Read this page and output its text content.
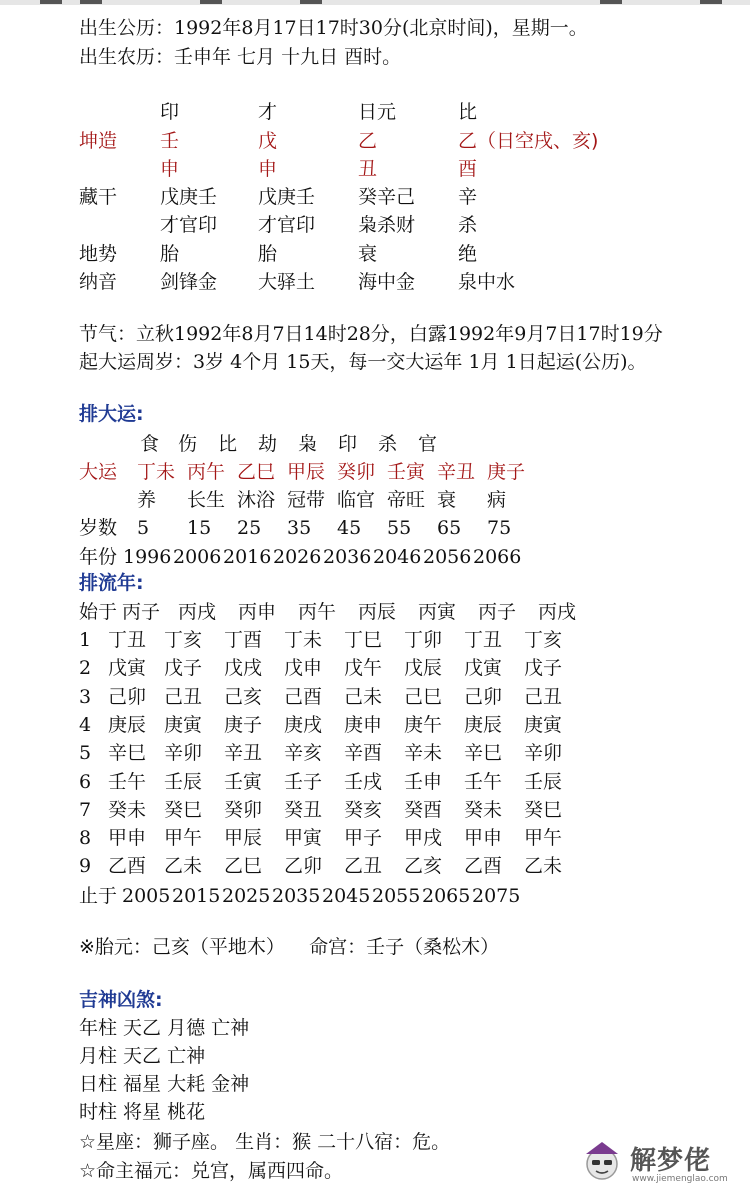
出生公历：1992年8月17日17时30分(北京时间)，星期一。
出生农历：壬申年 七月 十九日 酉时。
印	才	日元	比
坤造 壬	戊	乙	乙（日空戌、亥)
申	申	丑	酉
藏干 戊庚壬 戊庚壬 癸辛己 辛
才官印 才官印 枭杀财 杀
地势 胎	胎	衰	绝
纳音 剑锋金 大驿土 海中金 泉中水
节气：立秋1992年8月7日14时28分，白露1992年9月7日17时19分
起大运周岁：3岁 4个月 15天，每一交大运年 1月 1日起运(公历)。
排大运:
食 伤 比 劫 枭 印 杀 官
大运 丁未 丙午 乙巳 甲辰 癸卯 壬寅 辛丑 庚子
养 长生 沐浴 冠带 临官 帝旺 衰 病
岁数 5 15 25 35 45 55 65 75
年份 1996 2006 2016 2026 2036 2046 2056 2066
排流年:
始于 丙子 丙戌 丙申 丙午 丙辰 丙寅 丙子 丙戌
1 丁丑 丁亥 丁酉 丁未 丁巳 丁卯 丁丑 丁亥
2 戊寅 戊子 戊戌 戊申 戊午 戊辰 戊寅 戊子
3 己卯 己丑 己亥 己酉 己未 己巳 己卯 己丑
4 庚辰 庚寅 庚子 庚戌 庚申 庚午 庚辰 庚寅
5 辛巳 辛卯 辛丑 辛亥 辛酉 辛未 辛巳 辛卯
6 壬午 壬辰 壬寅 壬子 壬戌 壬申 壬午 壬辰
7 癸未 癸巳 癸卯 癸丑 癸亥 癸酉 癸未 癸巳
8 甲申 甲午 甲辰 甲寅 甲子 甲戌 甲申 甲午
9 乙酉 乙未 乙巳 乙卯 乙丑 乙亥 乙酉 乙未
止于 2005 2015 2025 2035 2045 2055 2065 2075
※胎元：己亥（平地木）    命宫：壬子（桑松木）
吉神凶煞:
年柱 天乙 月德 亡神
月柱 天乙 亡神
日柱 福星 大耗 金神
时柱 将星 桃花
☆星座：狮子座。 生肖：猴 二十八宿：危。
☆命主福元：兑宫，属西四命。	解梦佬
www.jiemenglao.com
